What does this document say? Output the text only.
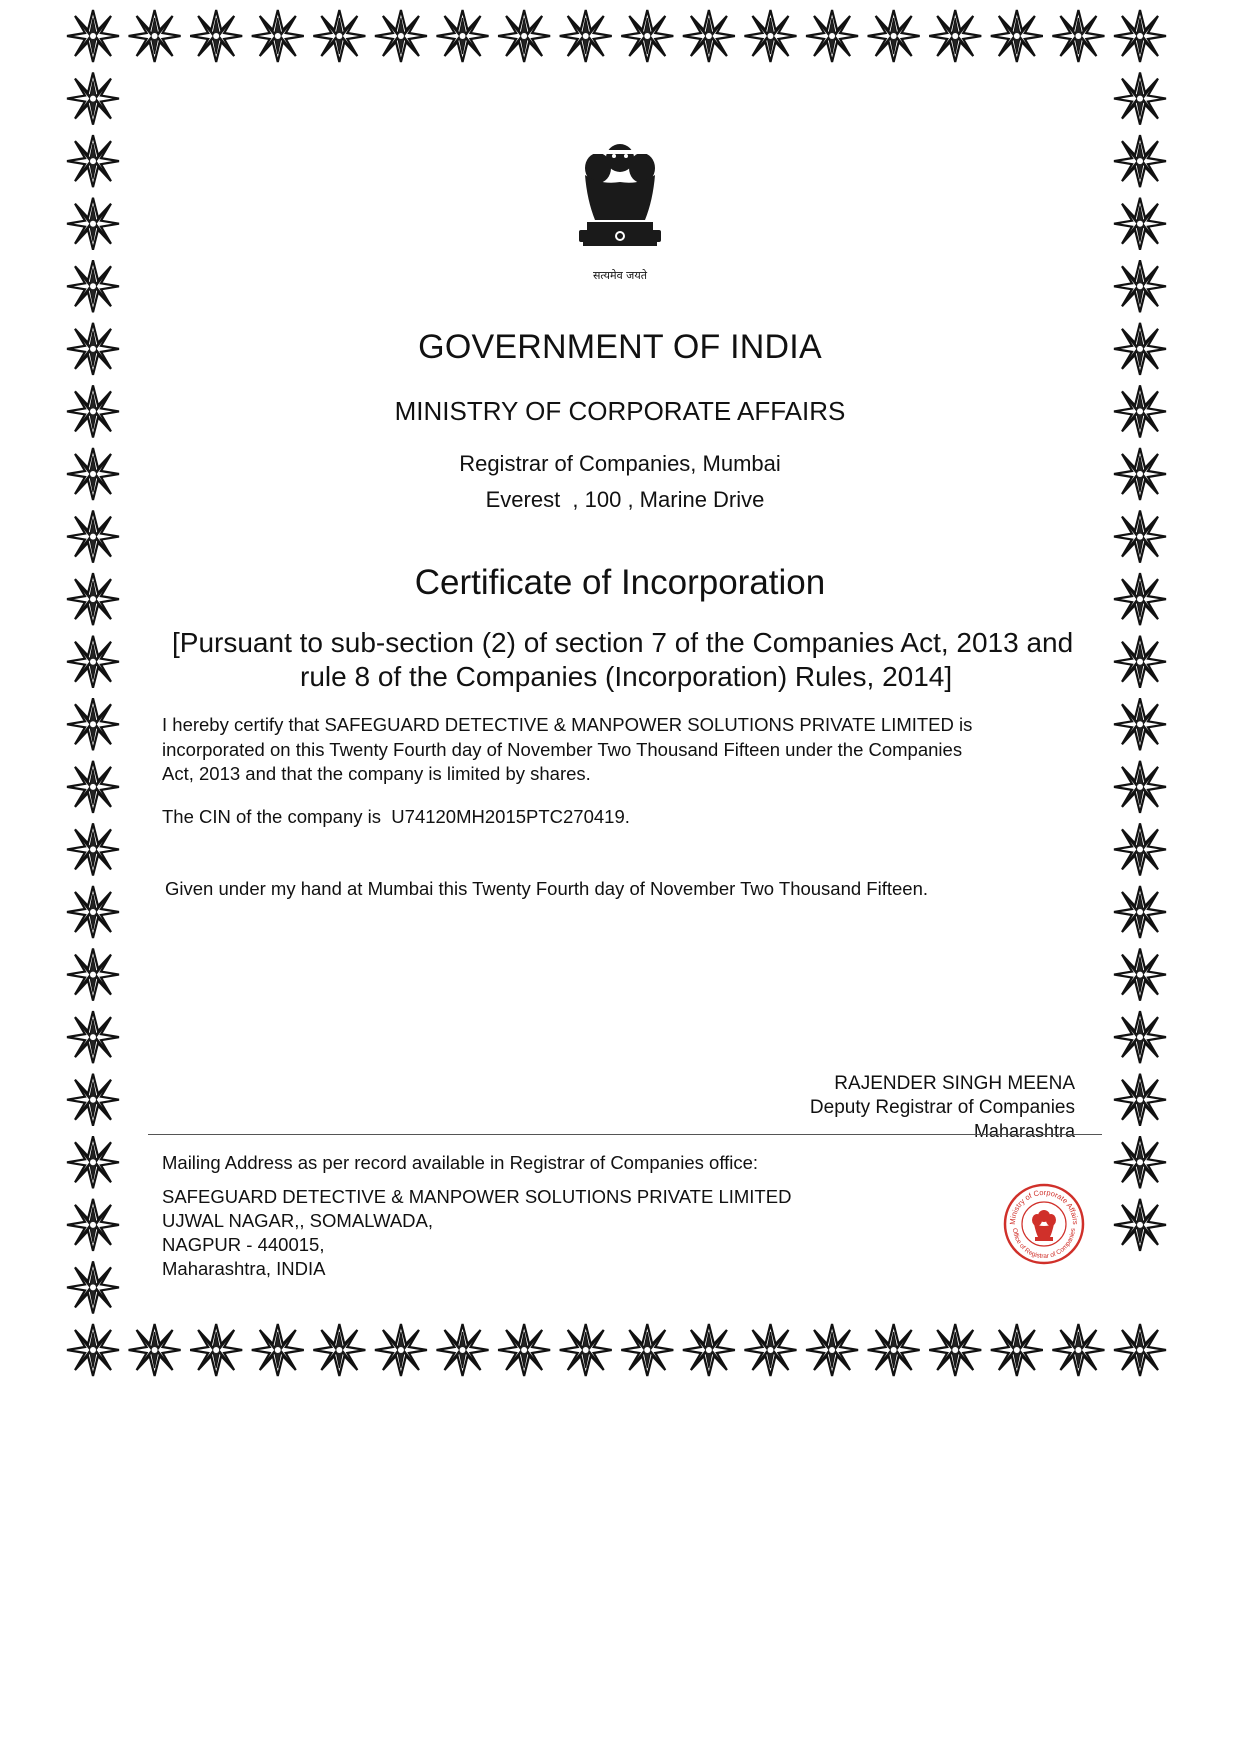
सत्यमेव जयते
GOVERNMENT OF INDIA
MINISTRY OF CORPORATE AFFAIRS
Registrar of Companies, Mumbai
Everest  , 100 , Marine Drive
Certificate of Incorporation
[Pursuant to sub-section (2) of section 7 of the Companies Act, 2013 and
rule 8 of the Companies (Incorporation) Rules, 2014]
I hereby certify that SAFEGUARD DETECTIVE & MANPOWER SOLUTIONS PRIVATE LIMITED is
incorporated on this Twenty Fourth day of November Two Thousand Fifteen under the Companies
Act, 2013 and that the company is limited by shares.
The CIN of the company is  U74120MH2015PTC270419.
Given under my hand at Mumbai this Twenty Fourth day of November Two Thousand Fifteen.
RAJENDER SINGH MEENA
Deputy Registrar of Companies
Maharashtra
Mailing Address as per record available in Registrar of Companies office:
SAFEGUARD DETECTIVE & MANPOWER SOLUTIONS PRIVATE LIMITED
UJWAL NAGAR,, SOMALWADA,
NAGPUR - 440015,
Maharashtra, INDIA
Ministry of Corporate Affairs
Office of Registrar of Companies
